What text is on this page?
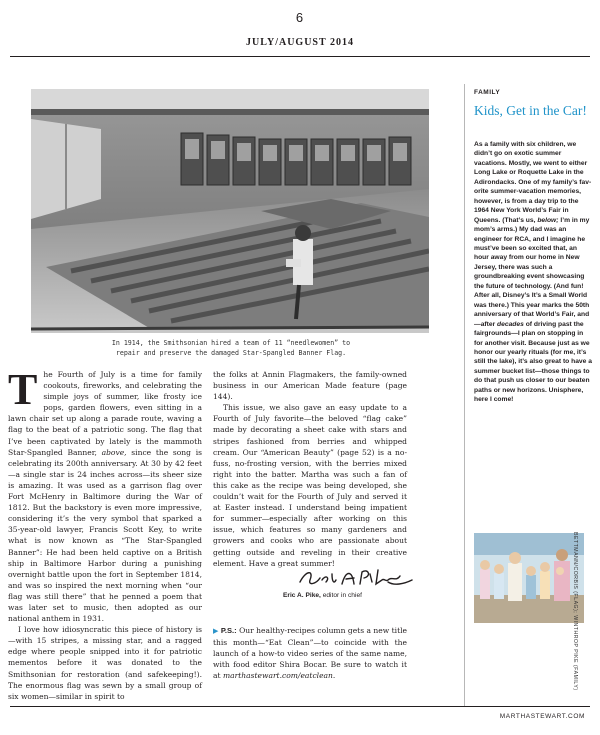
6
JULY/AUGUST 2014
In 1914, the Smithsonian hired a team of 11 “needlewomen” to
repair and preserve the damaged Star-Spangled Banner Flag.
T he Fourth of July is a time for family cookouts, fireworks, and celebrating the simple joys of summer, like frosty ice pops, garden flowers, even sitting in a lawn chair set up along a parade route, waving a flag to the beat of a patriotic song. The flag that I’ve been captivated by lately is the mammoth Star-Spangled Banner, above, since the song is celebrating its 200th anniversary. At 30 by 42 feet—a single star is 24 inches across—its sheer size is amazing. It was used as a garrison flag over Fort McHenry in Baltimore during the War of 1812. But the backstory is even more impressive, considering it’s the very symbol that sparked a 35-year-old lawyer, Francis Scott Key, to write what is now known as “The Star-Spangled Banner”: He had been held captive on a British ship in Baltimore Harbor during a punishing overnight battle upon the fort in September 1814, and was so inspired the next morning when “our flag was still there” that he penned a poem that was later set to music, then adopted as our national anthem in 1931.

I love how idiosyncratic this piece of history is—with 15 stripes, a missing star, and a ragged edge where people snipped into it for patriotic mementos before it was donated to the Smithsonian for restoration (and safekeeping!). The enormous flag was sewn by a small group of six women—similar in spirit to

the folks at Annin Flagmakers, the family-owned business in our American Made feature (page 144).

This issue, we also gave an easy update to a Fourth of July favorite—the beloved “flag cake” made by decorating a sheet cake with stars and stripes fashioned from berries and whipped cream. Our “American Beauty” (page 52) is a no-fuss, no-frosting version, with the berries mixed right into the batter. Martha was such a fan of this cake as the recipe was being developed, she couldn’t wait for the Fourth of July and served it at Easter instead. I understand being impatient for summer—especially after working on this issue, which features so many gardeners and growers and cooks who are passionate about getting outside and reveling in their creative element. Have a great summer!

Eric A. Pike, editor in chief
▶ P.S.: Our healthy-recipes column gets a new title this month—“Eat Clean”—to coincide with the launch of a how-to video series of the same name, with food editor Shira Bocar. Be sure to watch it at marthastewart.com/eatclean.
FAMILY
Kids, Get in the Car!
As a family with six children, we didn’t go on exotic summer vacations. Mostly, we went to either Long Lake or Roquette Lake in the Adirondacks. One of my family’s favorite summer-vacation memories, however, is from a day trip to the 1964 New York World’s Fair in Queens. (That’s us, below; I’m in my mom’s arms.) My dad was an engineer for RCA, and I imagine he must’ve been so excited that, an hour away from our home in New Jersey, there was such a groundbreaking event showcasing the future of technology. (And fun! After all, Disney’s It’s a Small World was there.) This year marks the 50th anniversary of that World’s Fair, and—after decades of driving past the fairgrounds—I plan on stopping in for another visit. Because just as we honor our yearly rituals (for me, it’s still the lake), it’s also great to have a summer bucket list—those things to do that push us closer to our beaten paths or new horizons. Unisphere, here I come!
BETTMANN/CORBIS (FLAG); WINTHROP PIKE (FAMILY)
MARTHASTEWART.COM
